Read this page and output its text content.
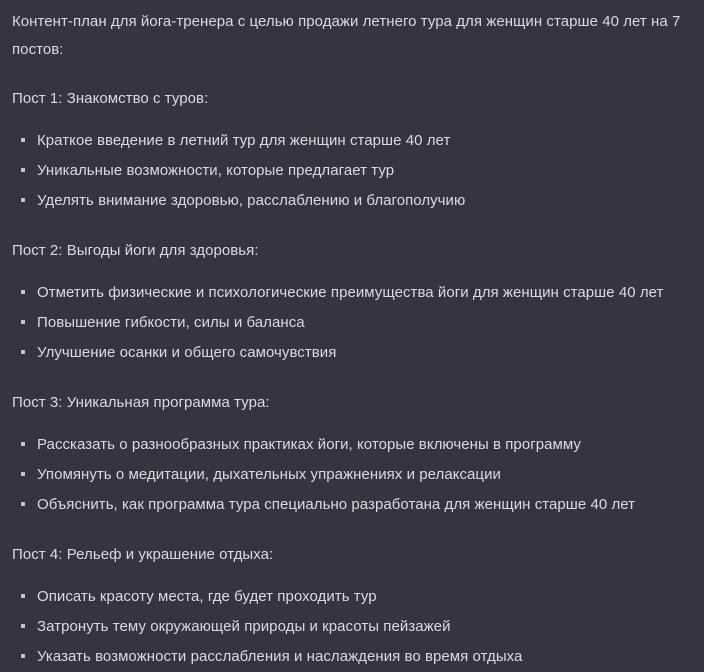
Контент-план для йога-тренера с целью продажи летнего тура для женщин старше 40 лет на 7 постов:

Пост 1: Знакомство с туров:

Краткое введение в летний тур для женщин старше 40 лет
Уникальные возможности, которые предлагает тур
Уделять внимание здоровью, расслаблению и благополучию

Пост 2: Выгоды йоги для здоровья:

Отметить физические и психологические преимущества йоги для женщин старше 40 лет
Повышение гибкости, силы и баланса
Улучшение осанки и общего самочувствия

Пост 3: Уникальная программа тура:

Рассказать о разнообразных практиках йоги, которые включены в программу
Упомянуть о медитации, дыхательных упражнениях и релаксации
Объяснить, как программа тура специально разработана для женщин старше 40 лет

Пост 4: Рельеф и украшение отдыха:

Описать красоту места, где будет проходить тур
Затронуть тему окружающей природы и красоты пейзажей
Указать возможности расслабления и наслаждения во время отдыха
